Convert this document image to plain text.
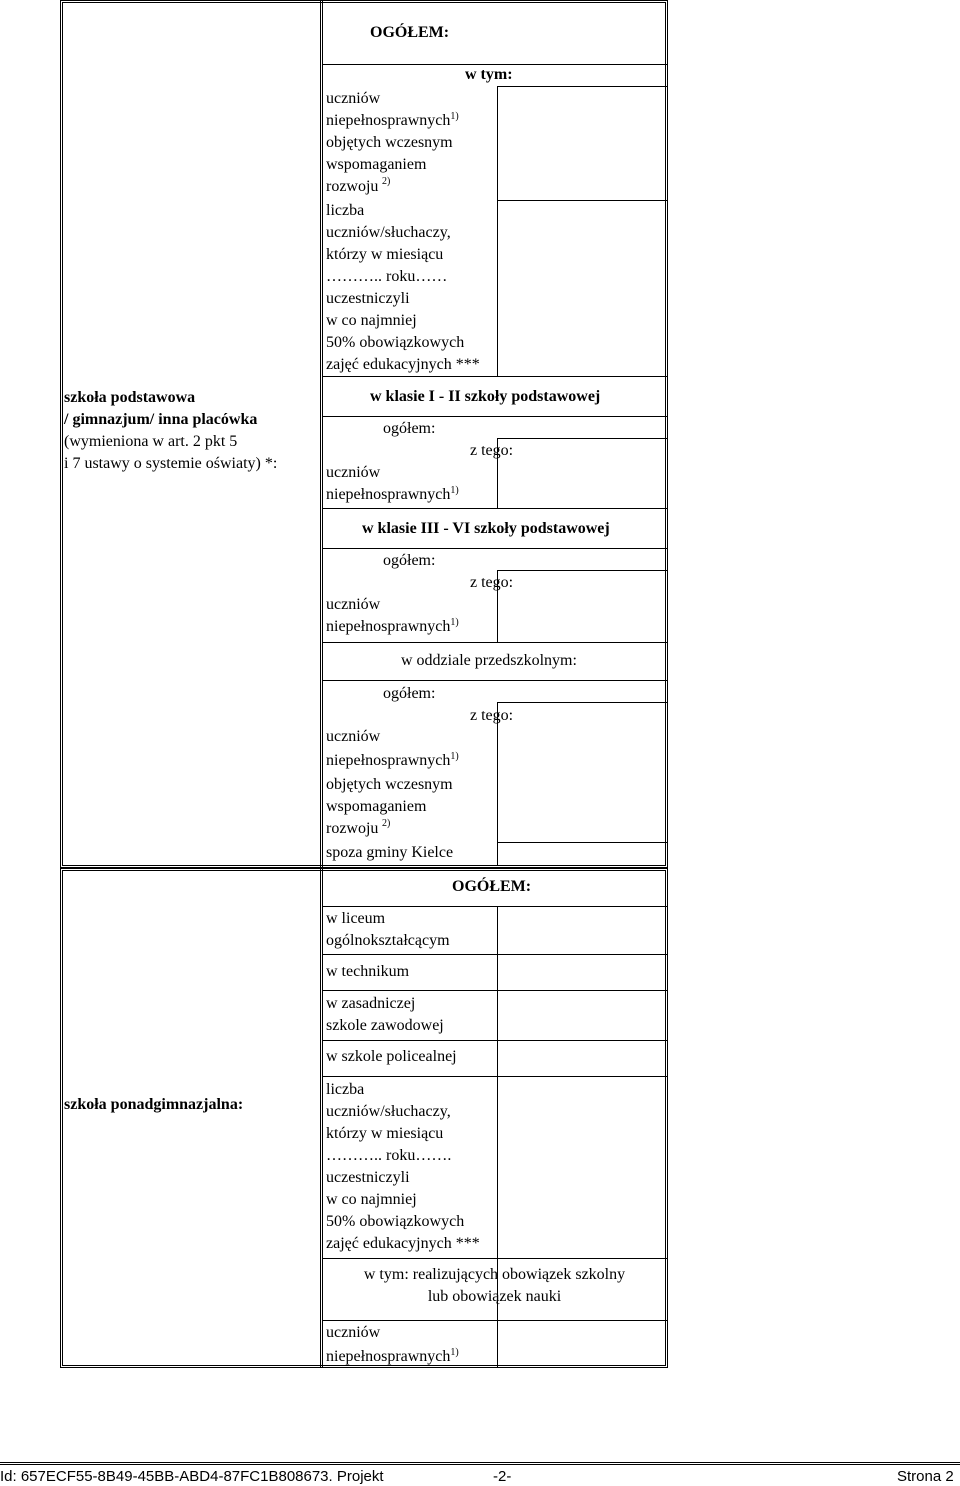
OGÓŁEM:
w tym:
uczniów
niepełnosprawnych$^{1)}$
objętych wczesnym
wspomaganiem
rozwoju 2)
liczba
uczniów/słuchaczy,
którzy w miesiącu
……….. roku……
uczestniczyli
w co najmniej
50% obowiązkowych
zajęć edukacyjnych ***
szkoła podstawowa
/ gimnazjum/ inna placówka
(wymieniona w art. 2 pkt 5
i 7 ustawy o systemie oświaty) *:
w klasie I - II szkoły podstawowej
ogółem:
z tego:
uczniów
niepełnosprawnych$^{1)}$
w klasie III - VI szkoły podstawowej
ogółem:
z tego:
uczniów
niepełnosprawnych$^{1)}$
w oddziale przedszkolnym:
ogółem:
z tego:
uczniów
niepełnosprawnych$^{1)}$
objętych wczesnym
wspomaganiem
rozwoju 2)
spoza gminy Kielce
OGÓŁEM:
szkoła ponadgimnazjalna:
w liceum
ogólnokształcącym
w technikum
w zasadniczej
szkole zawodowej
w szkole policealnej
liczba
uczniów/słuchaczy,
którzy w miesiącu
……….. roku…….
uczestniczyli
w co najmniej
50% obowiązkowych
zajęć edukacyjnych ***
w tym: realizujących obowiązek szkolny
lub obowiązek nauki
uczniów
niepełnosprawnych$^{1)}$
Id: 657ECF55-8B49-45BB-ABD4-87FC1B808673. Projekt	-2-	Strona 2
